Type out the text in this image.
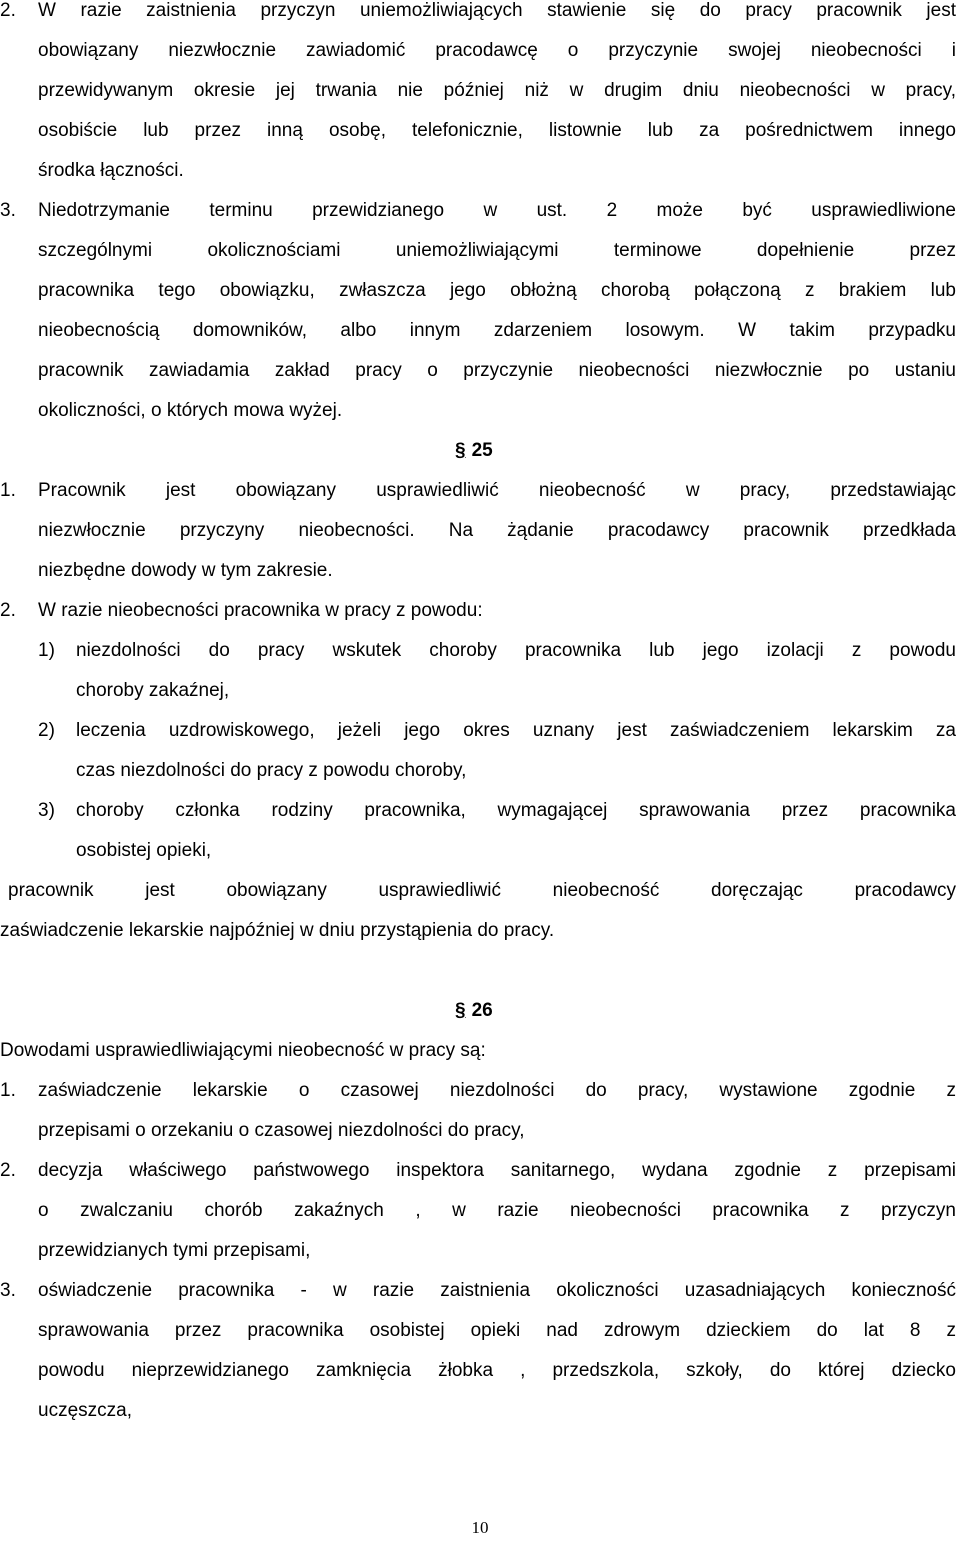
2. W razie zaistnienia przyczyn uniemożliwiających stawienie się do pracy pracownik jest
obowiązany niezwłocznie zawiadomić pracodawcę o przyczynie swojej nieobecności i
przewidywanym okresie jej trwania nie później niż w drugim dniu nieobecności w pracy,
osobiście lub przez inną osobę, telefonicznie, listownie lub za pośrednictwem innego
środka łączności.
3. Niedotrzymanie terminu przewidzianego w ust. 2 może być usprawiedliwione
szczególnymi okolicznościami uniemożliwiającymi terminowe dopełnienie przez
pracownika tego obowiązku, zwłaszcza jego obłożną chorobą połączoną z brakiem lub
nieobecnością domowników, albo innym zdarzeniem losowym. W takim przypadku
pracownik zawiadamia zakład pracy o przyczynie nieobecności niezwłocznie po ustaniu
okoliczności, o których mowa wyżej.
§ 25
1. Pracownik jest obowiązany usprawiedliwić nieobecność w pracy, przedstawiając
niezwłocznie przyczyny nieobecności. Na żądanie pracodawcy pracownik przedkłada
niezbędne dowody w tym zakresie.
2. W razie nieobecności pracownika w pracy z powodu:
1) niezdolności do pracy wskutek choroby pracownika lub jego izolacji z powodu
choroby zakaźnej,
2) leczenia uzdrowiskowego, jeżeli jego okres uznany jest zaświadczeniem lekarskim za
czas niezdolności do pracy z powodu choroby,
3) choroby członka rodziny pracownika, wymagającej sprawowania przez pracownika
osobistej opieki,
pracownik jest obowiązany usprawiedliwić nieobecność doręczając pracodawcy
zaświadczenie lekarskie najpóźniej w dniu przystąpienia do pracy.
§ 26
Dowodami usprawiedliwiającymi nieobecność w pracy są:
1. zaświadczenie lekarskie o czasowej niezdolności do pracy, wystawione zgodnie z
przepisami o orzekaniu o czasowej niezdolności do pracy,
2. decyzja właściwego państwowego inspektora sanitarnego, wydana zgodnie z przepisami
o zwalczaniu chorób zakaźnych , w razie nieobecności pracownika z przyczyn
przewidzianych tymi przepisami,
3. oświadczenie pracownika - w razie zaistnienia okoliczności uzasadniających konieczność
sprawowania przez pracownika osobistej opieki nad zdrowym dzieckiem do lat 8 z
powodu nieprzewidzianego zamknięcia żłobka , przedszkola, szkoły, do której dziecko
uczęszcza,
10
